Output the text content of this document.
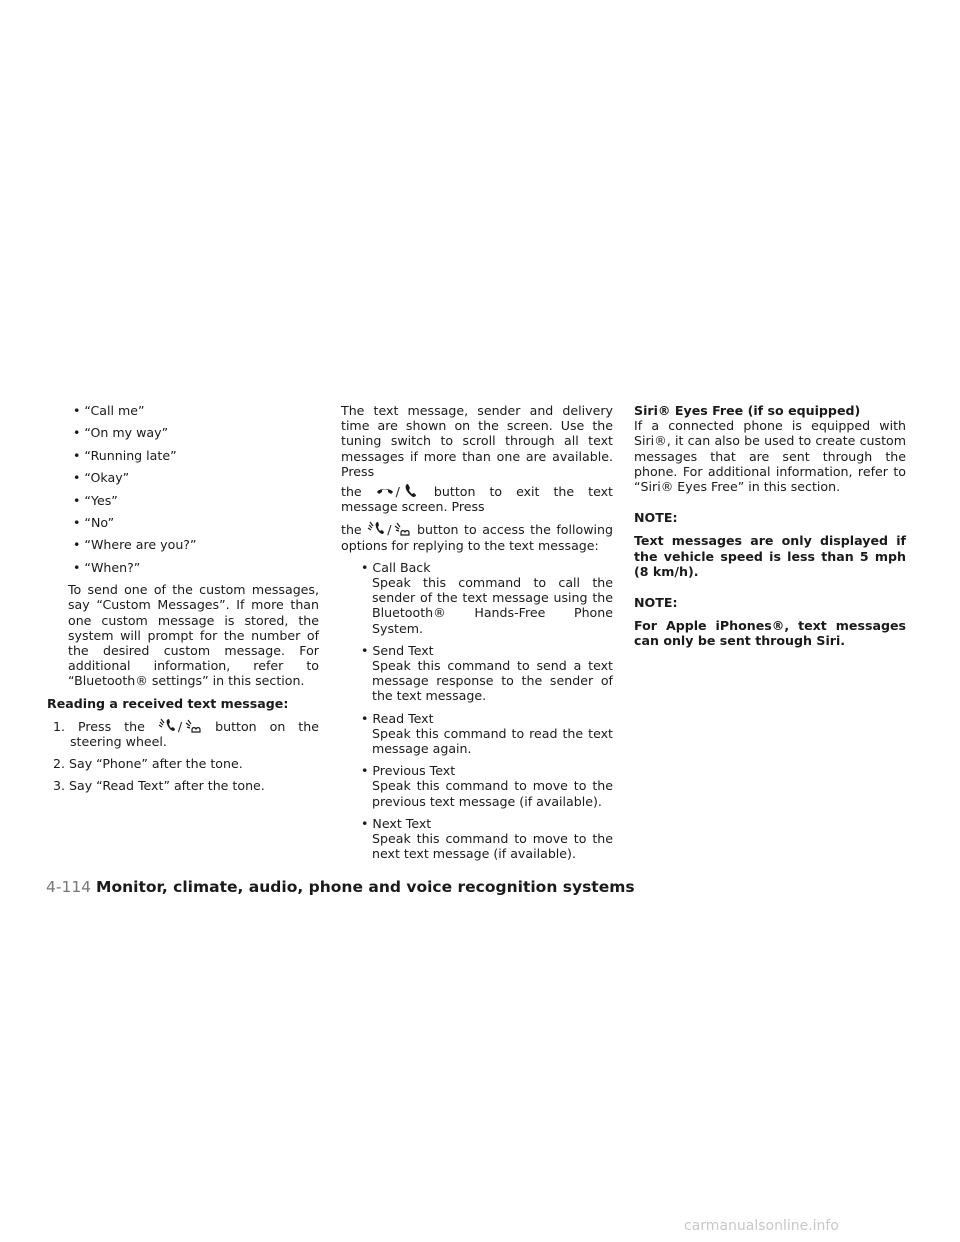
• “Call me”
• “On my way”
• “Running late”
• “Okay”
• “Yes”
• “No”
• “Where are you?”
• “When?”
To send one of the custom messages, say “Custom Messages”. If more than one custom message is stored, the system will prompt for the number of the desired custom message. For additional information, refer to “Bluetooth® settings” in this section.
Reading a received text message:
1. Press the	/	button on the steering wheel.
2. Say “Phone” after the tone.
3. Say “Read Text” after the tone.
The text message, sender and delivery time are shown on the screen. Use the tuning switch to scroll through all text messages if more than one are available. Press
the	/	button to exit the text message screen. Press
the / button to access the following options for replying to the text message:
• Call Back
Speak this command to call the sender of the text message using the Bluetooth® Hands-Free Phone System.
• Send Text
Speak this command to send a text message response to the sender of the text message.
• Read Text
Speak this command to read the text message again.
• Previous Text
Speak this command to move to the previous text message (if available).
• Next Text
Speak this command to move to the next text message (if available).
Siri® Eyes Free (if so equipped)
If a connected phone is equipped with Siri®, it can also be used to create custom messages that are sent through the phone. For additional information, refer to “Siri® Eyes Free” in this section.
NOTE:
Text messages are only displayed if the vehicle speed is less than 5 mph (8 km/h).
NOTE:
For Apple iPhones®, text messages can only be sent through Siri.
4-114 Monitor, climate, audio, phone and voice recognition systems
carmanualsonline.info
